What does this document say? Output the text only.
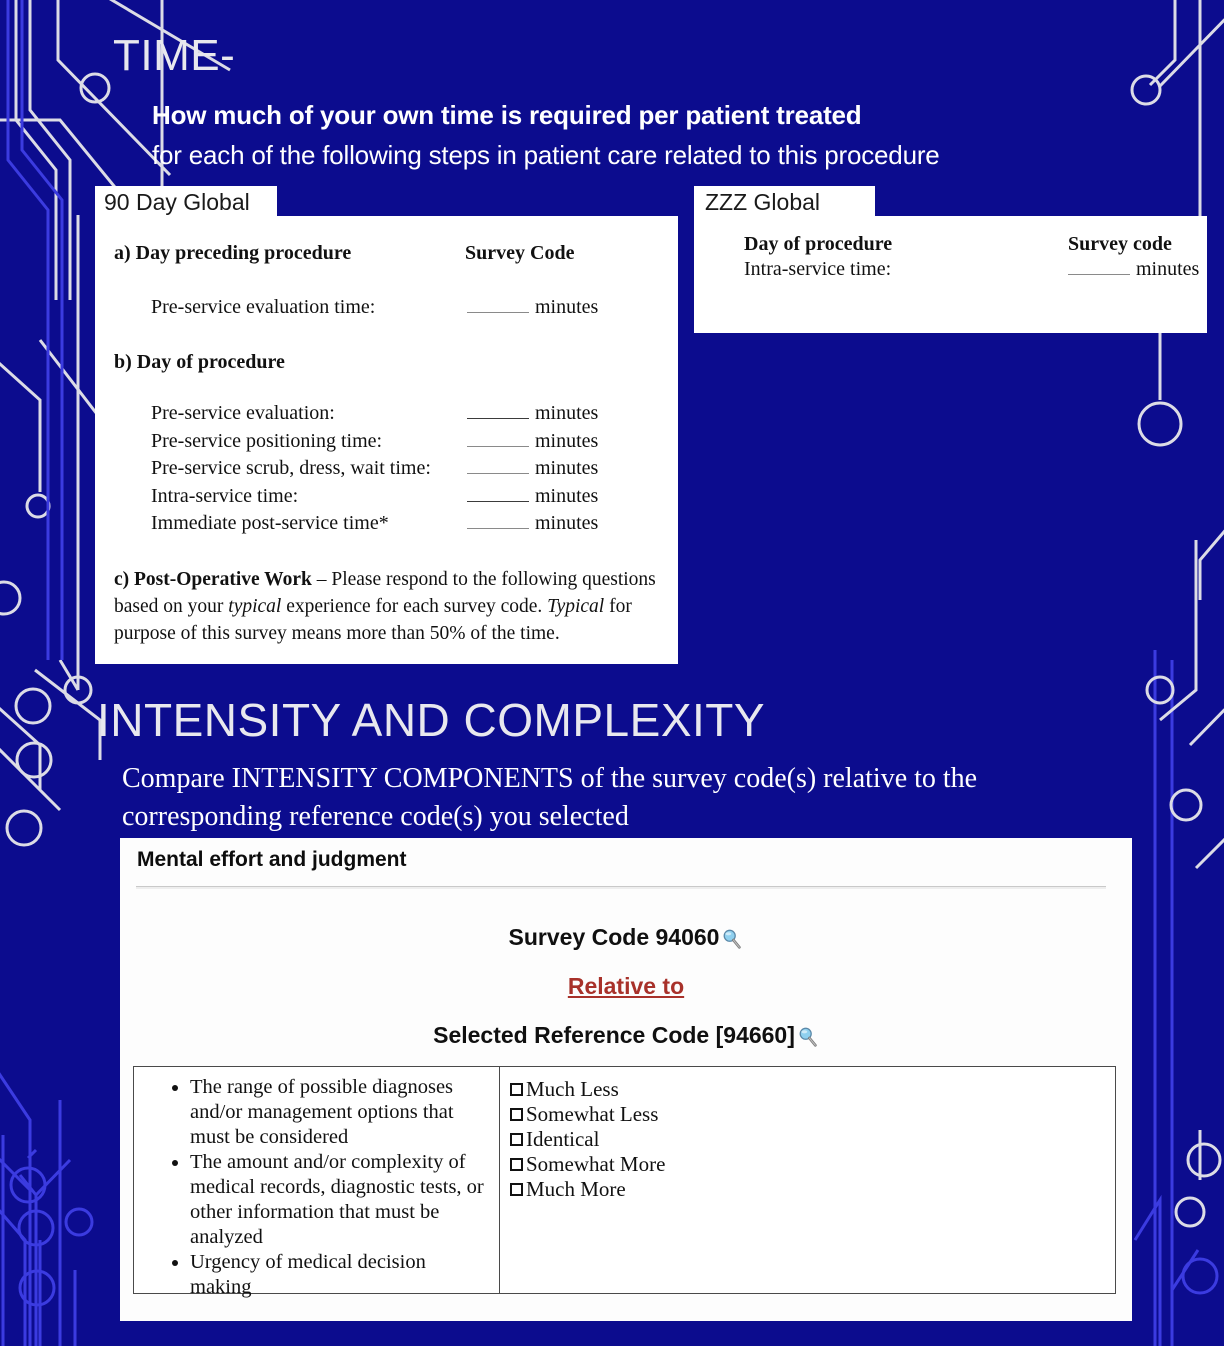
TIME-
How much of your own time is required per patient treated
for each of the following steps in patient care related to this procedure
90 Day Global
a) Day preceding procedure	Survey Code
Pre-service evaluation time:	minutes
b) Day of procedure
Pre-service evaluation:	minutes
Pre-service positioning time:	minutes
Pre-service scrub, dress, wait time:	minutes
Intra-service time:	minutes
Immediate post-service time*	minutes
c) Post-Operative Work – Please respond to the following questions based on your typical experience for each survey code. Typical for purpose of this survey means more than 50% of the time.
ZZZ Global
Day of procedure	Survey code
Intra-service time:	minutes
INTENSITY AND COMPLEXITY
Compare INTENSITY COMPONENTS of the survey code(s) relative to the corresponding reference code(s) you selected
Mental effort and judgment
Survey Code 94060
Relative to
Selected Reference Code [94660]
• The range of possible diagnoses and/or management options that must be considered
• The amount and/or complexity of medical records, diagnostic tests, or other information that must be analyzed
• Urgency of medical decision making
Much Less
Somewhat Less
Identical
Somewhat More
Much More
